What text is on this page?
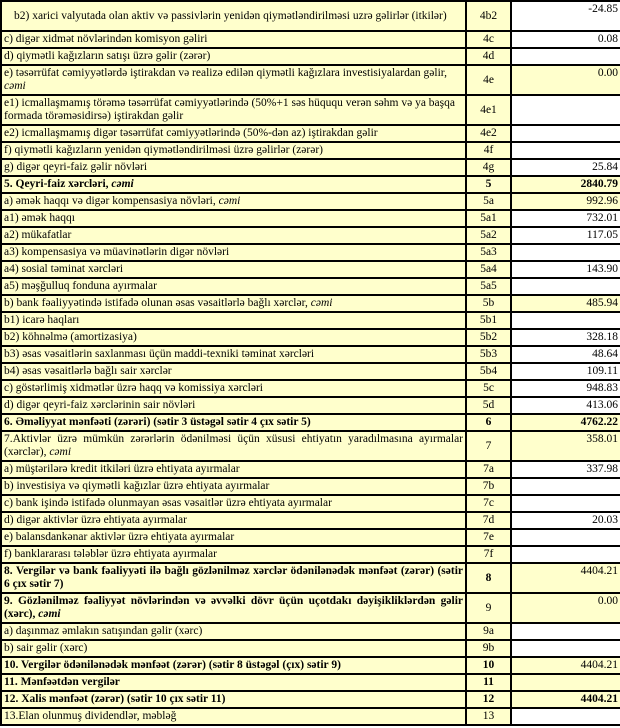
b2) xarici valyutada olan aktiv və passivlərin yenidən qiymətləndirilməsi uzrə gəlirlər (itkilər)	4b2	-24.85
c) digər xidmət növlərindən komisyon gəliri	4c	0.08
d) qiymətli kağızların satışı üzrə gəlir (zərər)	4d	
e) təsərrüfat cəmiyyətlərdə iştirakdan və realizə edilən qiymətli kağızlara investisiyalardan gəlir, cəmi	4e	0.00
e1) icmallaşmamış törəmə təsərrüfat cəmiyyətlərində (50%+1 səs hüququ verən səhm və ya başqa formada törəməsidirsə) iştirakdan gəlir	4e1	
e2) icmallaşmamış digər təsərrüfat cəmiyyətlərində (50%-dən az) iştirakdan gəlir	4e2	
f) qiymətli kağızların yenidən qiymətləndirilməsi üzrə gəlirlər (zərər)	4f	
g) digər qeyri-faiz gəlir növləri	4g	25.84
5. Qeyri-faiz xərcləri, cəmi	5	2840.79
a) əmək haqqı və digər kompensasiya növləri, cəmi	5a	992.96
a1) əmək haqqı	5a1	732.01
a2) mükafatlar	5a2	117.05
a3) kompensasiya və müavinətlərin digər növləri	5a3	
a4) sosial təminat xərcləri	5a4	143.90
a5) məşğulluq fonduna ayırmalar	5a5	
b) bank fəaliyyətində istifadə olunan əsas vəsaitlərlə bağlı xərclər, cəmi	5b	485.94
b1) icarə haqları	5b1	
b2) köhnəlmə (amortizasiya)	5b2	328.18
b3) əsas vəsaitlərin saxlanması üçün maddi-texniki təminat xərcləri	5b3	48.64
b4) əsas vəsaitlərlə bağlı sair xərclər	5b4	109.11
c) göstərlimiş xidmətlər üzrə haqq və komissiya xərcləri	5c	948.83
d) digər qeyri-faiz xərclərinin sair növləri	5d	413.06
6. Əməliyyat mənfəəti (zərəri) (sətir 3 üstəgəl sətir 4 çıx sətir 5)	6	4762.22
7.Aktivlər üzrə mümkün zərərlərin ödənilməsi üçün xüsusi ehtiyatın yaradılmasına ayırmalar (xərclər), cəmi	7	358.01
a) müştərilərə kredit itkiləri üzrə ehtiyata ayırmalar	7a	337.98
b) investisiya və qiymətli kağızlar üzrə ehtiyata ayırmalar	7b	
c) bank işində istifadə olunmayan əsas vəsaitlər üzrə ehtiyata ayırmalar	7c	
d) digər aktivlər üzrə ehtiyata ayırmalar	7d	20.03
e) balansdankənar aktivlər üzrə ehtiyata ayırmalar	7e	
f) banklararası tələblər üzrə ehtiyata ayırmalar	7f	
8. Vergilər və bank fəaliyyəti ilə bağlı gözlənilməz xərclər ödənilənədək mənfəət (zərər) (sətir 6 çıx sətir 7)	8	4404.21
9. Gözlənilməz fəaliyyət növlərindən və əvvəlki dövr üçün uçotdakı dəyişikliklərdən gəlir (xərc), cəmi	9	0.00
a) daşınmaz əmlakın satışından gəlir (xərc)	9a	
b) sair gəlir (xərc)	9b	
10. Vergilər ödənilənədək mənfəət (zərər) (sətir 8 üstəgəl (çıx) sətir 9)	10	4404.21
11. Mənfəətdən vergilər	11	
12. Xalis mənfəət (zərər) (sətir 10 çıx sətir 11)	12	4404.21
13.Elan olunmuş dividendlər, məbləğ	13	
